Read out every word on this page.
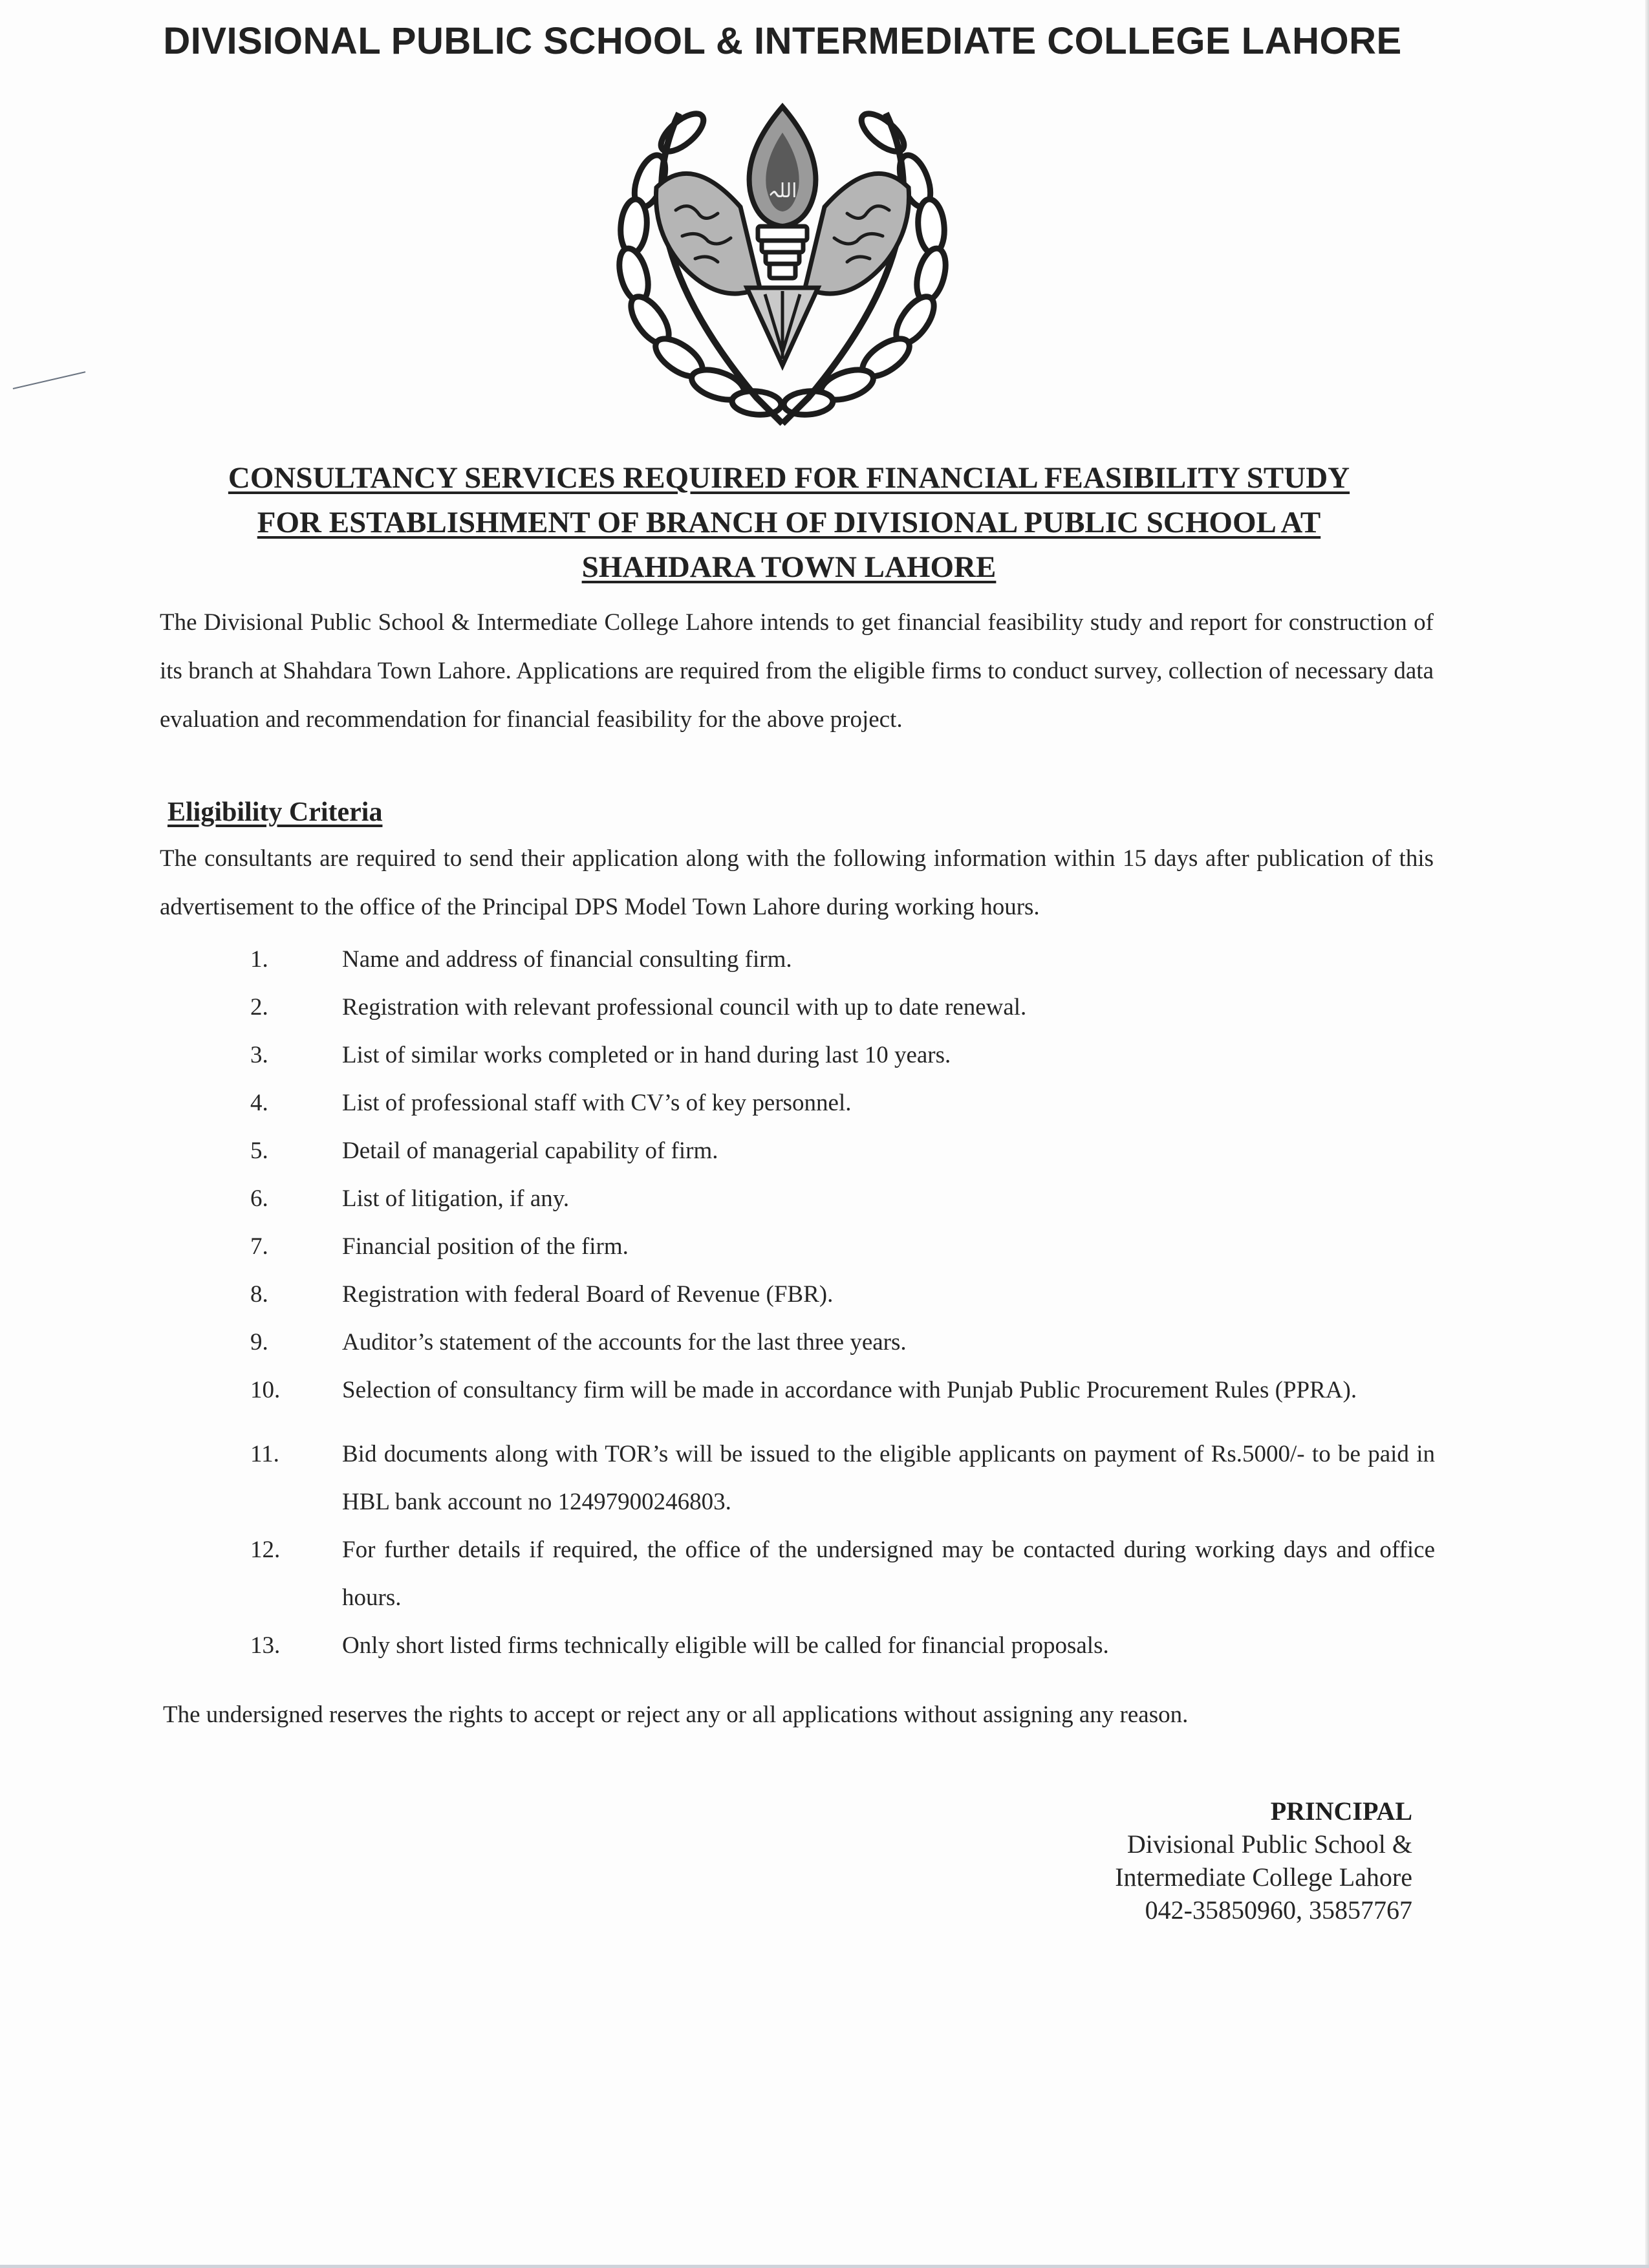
DIVISIONAL PUBLIC SCHOOL & INTERMEDIATE COLLEGE LAHORE
اللہ
CONSULTANCY SERVICES REQUIRED FOR FINANCIAL FEASIBILITY STUDY
FOR ESTABLISHMENT OF BRANCH OF DIVISIONAL PUBLIC SCHOOL AT
SHAHDARA TOWN LAHORE
The Divisional Public School & Intermediate College Lahore intends to get financial feasibility study and report for construction of its branch at Shahdara Town Lahore. Applications are required from the eligible firms to conduct survey, collection of necessary data evaluation and recommendation for financial feasibility for the above project.
Eligibility Criteria
The consultants are required to send their application along with the following information within 15 days after publication of this advertisement to the office of the Principal DPS Model Town Lahore during working hours.
1.	Name and address of financial consulting firm.
2.	Registration with relevant professional council with up to date renewal.
3.	List of similar works completed or in hand during last 10 years.
4.	List of professional staff with CV’s of key personnel.
5.	Detail of managerial capability of firm.
6.	List of litigation, if any.
7.	Financial position of the firm.
8.	Registration with federal Board of Revenue (FBR).
9.	Auditor’s statement of the accounts for the last three years.
10.	Selection of consultancy firm will be made in accordance with Punjab Public Procurement Rules (PPRA).
11.	Bid documents along with TOR’s will be issued to the eligible applicants on payment of Rs.5000/- to be paid in HBL bank account no 12497900246803.
12.	For further details if required, the office of the undersigned may be contacted during working days and office hours.
13.	Only short listed firms technically eligible will be called for financial proposals.
The undersigned reserves the rights to accept or reject any or all applications without assigning any reason.
PRINCIPAL
Divisional Public School &
Intermediate College Lahore
042-35850960, 35857767
